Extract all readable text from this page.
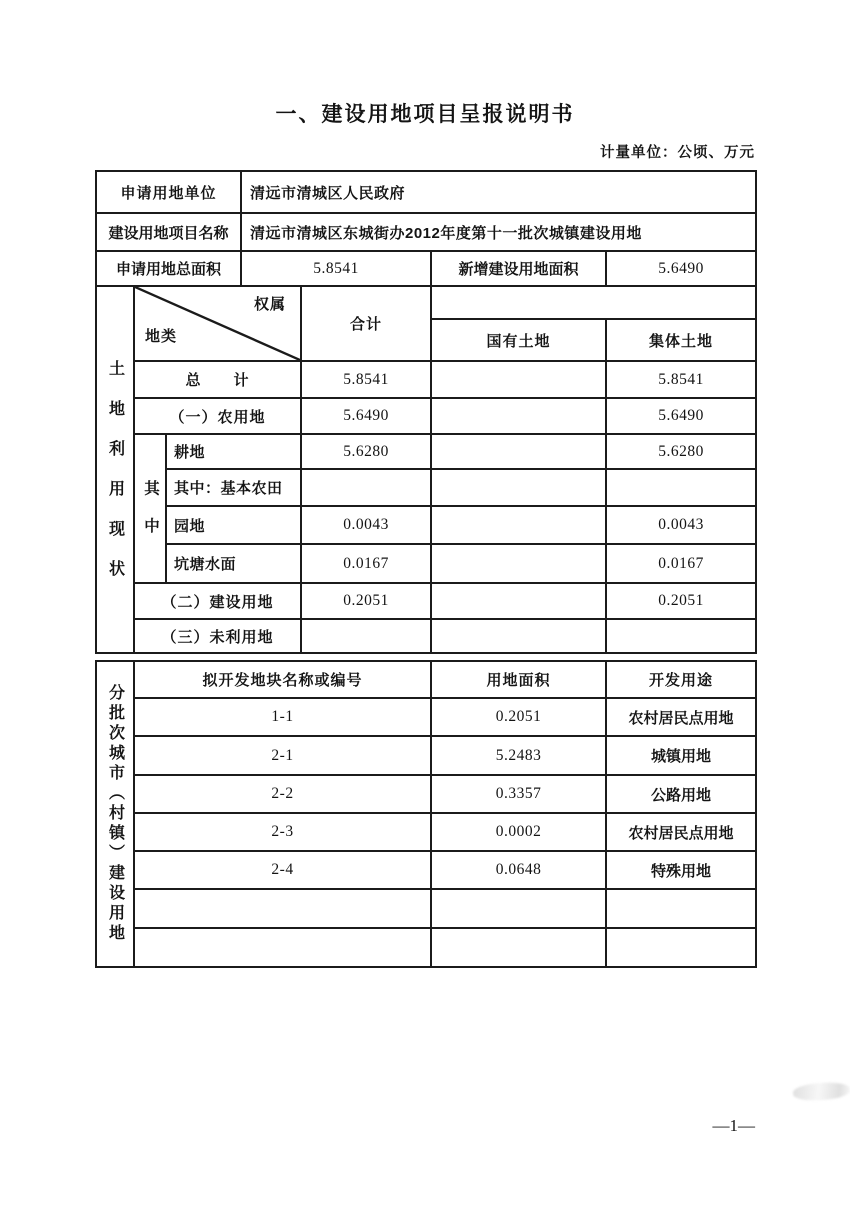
一、建设用地项目呈报说明书
计量单位：公顷、万元
申请用地单位	清远市清城区人民政府		
建设用地项目名称	清远市清城区东城街办2012年度第十一批次城镇建设用地		
申请用地总面积	5.8541	新增建设用地面积	5.6490
土地利用现状	权属
地类		合计		
				国有土地	集体土地
	总　　计		5.8541		5.8541
	（一）农用地		5.6490		5.6490
	其中	耕地	5.6280		5.6280
		其中：基本农田			
		园地	0.0043		0.0043
		坑塘水面	0.0167		0.0167
	（二）建设用地		0.2051		0.2051
	（三）未利用地				
分批次城市（村镇）建设用地	拟开发地块名称或编号	用地面积	开发用途
	1-1	0.2051	农村居民点用地
	2-1	5.2483	城镇用地
	2-2	0.3357	公路用地
	2-3	0.0002	农村居民点用地
	2-4	0.0648	特殊用地

—1—
